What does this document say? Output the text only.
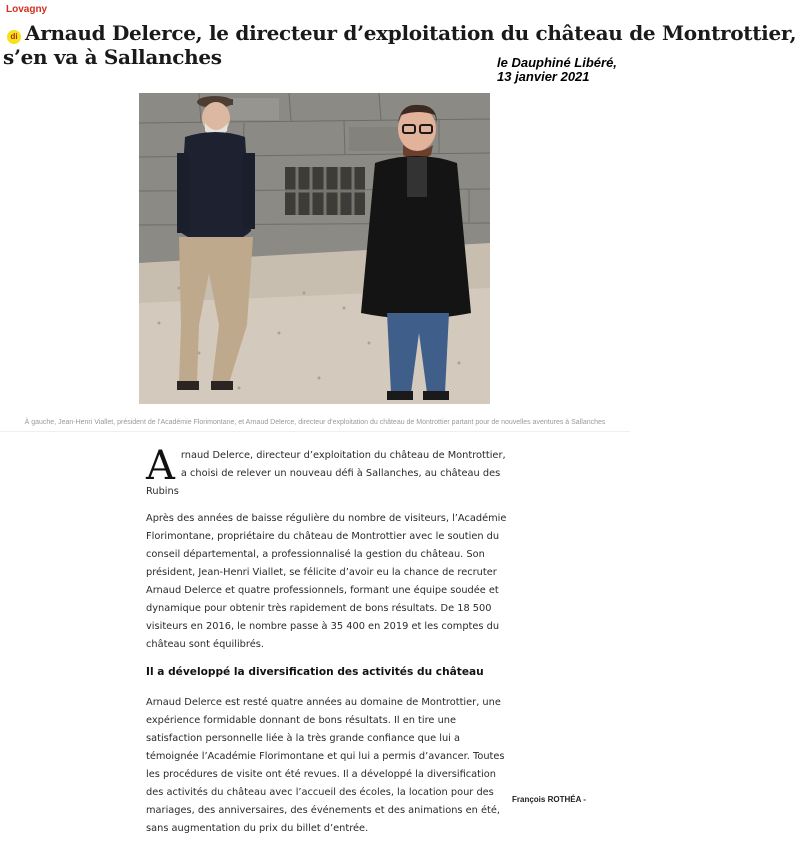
Lovagny
di Arnaud Delerce, le directeur d’exploitation du château de Montrottier,
s’en va à Sallanches	le Dauphiné Libéré,
13 janvier 2021
À gauche, Jean-Henri Viallet, président de l'Académie Florimontane, et Arnaud Delerce, directeur d'exploitation du château de Montrottier partant pour de nouvelles aventures à Sallanches

Arnaud Delerce, directeur d’exploitation du château de Montrottier, a choisi de relever un nouveau défi à Sallanches, au château des Rubins

Après des années de baisse régulière du nombre de visiteurs, l’Académie Florimontane, propriétaire du château de Montrottier avec le soutien du conseil départemental, a professionnalisé la gestion du château. Son président, Jean-Henri Viallet, se félicite d’avoir eu la chance de recruter Arnaud Delerce et quatre professionnels, formant une équipe soudée et dynamique pour obtenir très rapidement de bons résultats. De 18 500 visiteurs en 2016, le nombre passe à 35 400 en 2019 et les comptes du château sont équilibrés.

Il a développé la diversification des activités du château

Arnaud Delerce est resté quatre années au domaine de Montrottier, une expérience formidable donnant de bons résultats. Il en tire une satisfaction personnelle liée à la très grande confiance que lui a témoignée l’Académie Florimontane et qui lui a permis d’avancer. Toutes les procédures de visite ont été revues. Il a développé la diversification des activités du château avec l’accueil des écoles, la location pour des mariages, des anniversaires, des événements et des animations en été, sans augmentation du prix du billet d’entrée.

François ROTHÉA -
